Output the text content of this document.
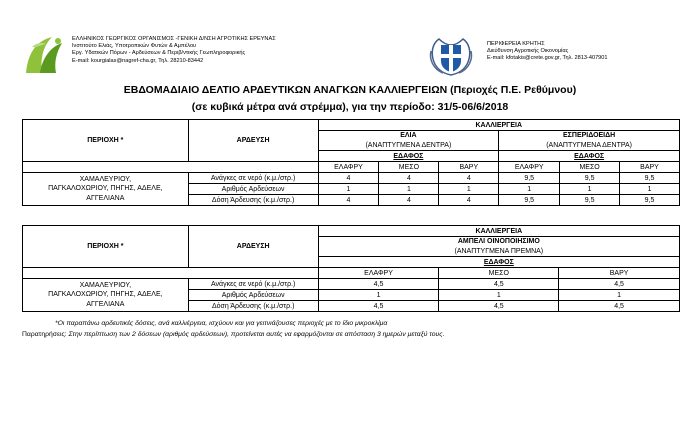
ΕΛΛΗΝΙΚΟΣ ΓΕΩΡΓΙΚΟΣ ΟΡΓΑΝΙΣΜΟΣ -ΓΕΝΙΚΗ Δ/ΝΣΗ ΑΓΡΟΤΙΚΗΣ ΕΡΕΥΝΑΣ
Ινστιτούτο Ελιάς, Υποτροπικών Φυτών & Αμπέλου
Εργ. Υδατικών Πόρων - Αρδεύσεων & Περιβ/ντικής Γεωπληροφορικής
E-mail: kourgialas@nagref-cha.gr, Τηλ. 28210-83442
ΠΕΡΙΦΕΡΕΙΑ ΚΡΗΤΗΣ
Διεύθυνση Αγροτικής Οικονομίας
E-mail: kfotakis@crete.gov.gr, Τηλ. 2813-407901
ΕΒΔΟΜΑΔΙΑΙΟ ΔΕΛΤΙΟ ΑΡΔΕΥΤΙΚΩΝ ΑΝΑΓΚΩΝ ΚΑΛΛΙΕΡΓΕΙΩΝ (Περιοχές Π.Ε. Ρεθύμνου)
(σε κυβικά μέτρα ανά στρέμμα), για την περίοδο: 31/5-06/6/2018
ΠΕΡΙΟΧΗ *	ΑΡΔΕΥΣΗ	ΚΑΛΛΙΕΡΓΕΙΑ					
		ΕΛΙΑ			ΕΣΠΕΡΙΔΟΕΙΔΗ		
		(ΑΝΑΠΤΥΓΜΕΝΑ ΔΕΝΤΡΑ)			(ΑΝΑΠΤΥΓΜΕΝΑ ΔΕΝΤΡΑ)		
		ΕΔΑΦΟΣ			ΕΔΑΦΟΣ		
		ΕΛΑΦΡΥ	ΜΕΣΟ	ΒΑΡΥ	ΕΛΑΦΡΥ	ΜΕΣΟ	ΒΑΡΥ

ΧΑΜΑΛΕΥΡΙΟΥ,
ΠΑΓΚΑΛΟΧΩΡΙΟΥ, ΠΗΓΗΣ, ΑΔΕΛΕ,
ΑΓΓΕΛΙΑΝΑ	Ανάγκες σε νερό (κ.μ./στρ.)	4	4	4	9,5	9,5	9,5
	Αριθμός Αρδεύσεων	1	1	1	1	1	1
	Δόση Άρδευσης (κ.μ./στρ.)	4	4	4	9,5	9,5	9,5
ΠΕΡΙΟΧΗ *	ΑΡΔΕΥΣΗ	ΚΑΛΛΙΕΡΓΕΙΑ		
		ΑΜΠΕΛΙ ΟΙΝΟΠΟΙΗΣΙΜΟ		
		(ΑΝΑΠΤΥΓΜΕΝΑ ΠΡΕΜΝΑ)		
		ΕΔΑΦΟΣ		
		ΕΛΑΦΡΥ	ΜΕΣΟ	ΒΑΡΥ

ΧΑΜΑΛΕΥΡΙΟΥ,
ΠΑΓΚΑΛΟΧΩΡΙΟΥ, ΠΗΓΗΣ, ΑΔΕΛΕ,
ΑΓΓΕΛΙΑΝΑ	Ανάγκες σε νερό (κ.μ./στρ.)	4,5	4,5	4,5
	Αριθμός Αρδεύσεων	1	1	1
	Δόση Άρδευσης (κ.μ./στρ.)	4,5	4,5	4,5
*Οι παραπάνω αρδευτικές δόσεις, ανά καλλιέργεια, ισχύουν και για γειτνιάζουσες περιοχές με το ίδιο μικροκλίμα
Παρατηρήσεις: Στην περίπτωση των 2 δόσεων (αριθμός αρδεύσεων), προτείνεται αυτές να εφαρμόζονται σε απόσταση 3 ημερών μεταξύ τους.
